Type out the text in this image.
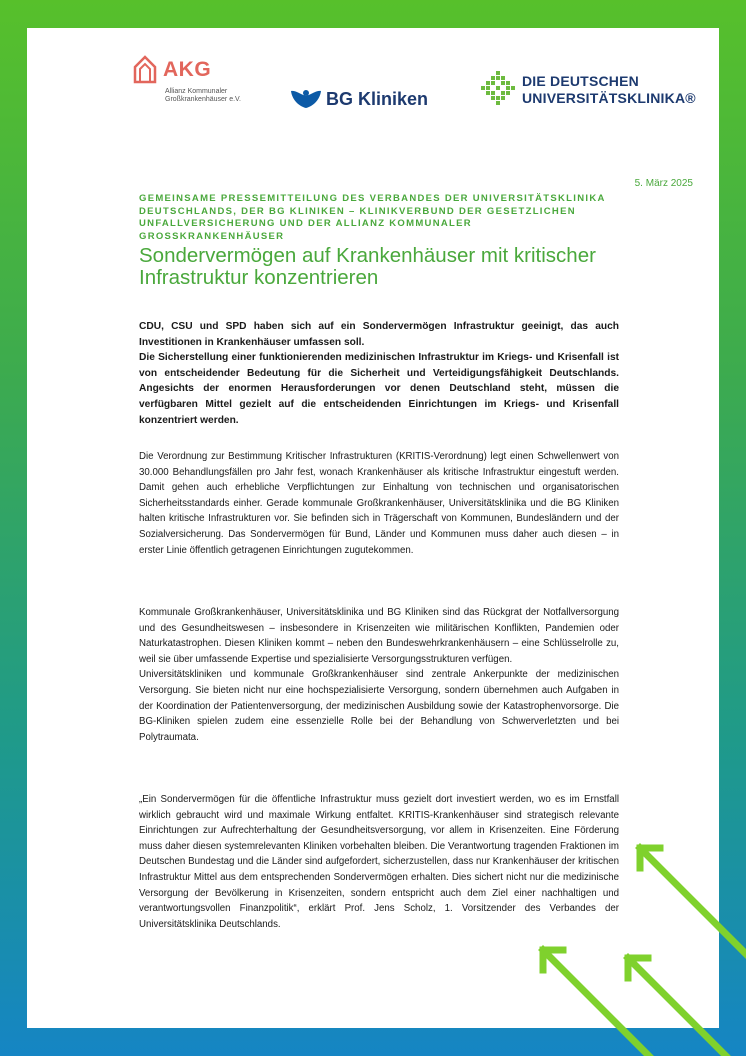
AKG
Allianz Kommunaler
Großkrankenhäuser e.V.	BG Kliniken
DIE DEUTSCHEN
UNIVERSITÄTSKLINIKA®
5. März 2025
GEMEINSAME PRESSEMITTEILUNG DES VERBANDES DER UNIVERSITÄTSKLINIKA DEUTSCHLANDS, DER BG KLINIKEN – KLINIKVERBUND DER GESETZLICHEN UNFALLVERSICHERUNG UND DER ALLIANZ KOMMUNALER GROSSKRANKENHÄUSER
Sondervermögen auf Krankenhäuser mit kritischer Infrastruktur konzentrieren

CDU, CSU und SPD haben sich auf ein Sondervermögen Infrastruktur geeinigt, das auch Investitionen in Krankenhäuser umfassen soll.

Die Sicherstellung einer funktionierenden medizinischen Infrastruktur im Kriegs- und Krisenfall ist von entscheidender Bedeutung für die Sicherheit und Verteidigungsfähigkeit Deutschlands. Angesichts der enormen Herausforderungen vor denen Deutschland steht, müssen die verfügbaren Mittel gezielt auf die entscheidenden Einrichtungen im Kriegs- und Krisenfall konzentriert werden.

Die Verordnung zur Bestimmung Kritischer Infrastrukturen (KRITIS-Verordnung) legt einen Schwellenwert von 30.000 Behandlungsfällen pro Jahr fest, wonach Krankenhäuser als kritische Infrastruktur eingestuft werden. Damit gehen auch erhebliche Verpflichtungen zur Einhaltung von technischen und organisatorischen Sicherheitsstandards einher. Gerade kommunale Großkrankenhäuser, Universitätsklinika und die BG Kliniken halten kritische Infrastrukturen vor. Sie befinden sich in Trägerschaft von Kommunen, Bundesländern und der Sozialversicherung. Das Sondervermögen für Bund, Länder und Kommunen muss daher auch diesen – in erster Linie öffentlich getragenen Einrichtungen zugutekommen.

Kommunale Großkrankenhäuser, Universitätsklinika und BG Kliniken sind das Rückgrat der Notfallversorgung und des Gesundheitswesen – insbesondere in Krisenzeiten wie militärischen Konflikten, Pandemien oder Naturkatastrophen. Diesen Kliniken kommt – neben den Bundeswehrkrankenhäusern – eine Schlüsselrolle zu, weil sie über umfassende Expertise und spezialisierte Versorgungsstrukturen verfügen.

Universitätskliniken und kommunale Großkrankenhäuser sind zentrale Ankerpunkte der medizinischen Versorgung. Sie bieten nicht nur eine hochspezialisierte Versorgung, sondern übernehmen auch Aufgaben in der Koordination der Patientenversorgung, der medizinischen Ausbildung sowie der Katastrophenvorsorge. Die BG-Kliniken spielen zudem eine essenzielle Rolle bei der Behandlung von Schwerverletzten und bei Polytraumata.

„Ein Sondervermögen für die öffentliche Infrastruktur muss gezielt dort investiert werden, wo es im Ernstfall wirklich gebraucht wird und maximale Wirkung entfaltet. KRITIS-Krankenhäuser sind strategisch relevante Einrichtungen zur Aufrechterhaltung der Gesundheitsversorgung, vor allem in Krisenzeiten. Eine Förderung muss daher diesen systemrelevanten Kliniken vorbehalten bleiben. Die Verantwortung tragenden Fraktionen im Deutschen Bundestag und die Länder sind aufgefordert, sicherzustellen, dass nur Krankenhäuser der kritischen Infrastruktur Mittel aus dem entsprechenden Sondervermögen erhalten. Dies sichert nicht nur die medizinische Versorgung der Bevölkerung in Krisenzeiten, sondern entspricht auch dem Ziel einer nachhaltigen und verantwortungsvollen Finanzpolitik“, erklärt Prof. Jens Scholz, 1. Vorsitzender des Verbandes der Universitätsklinika Deutschlands.
